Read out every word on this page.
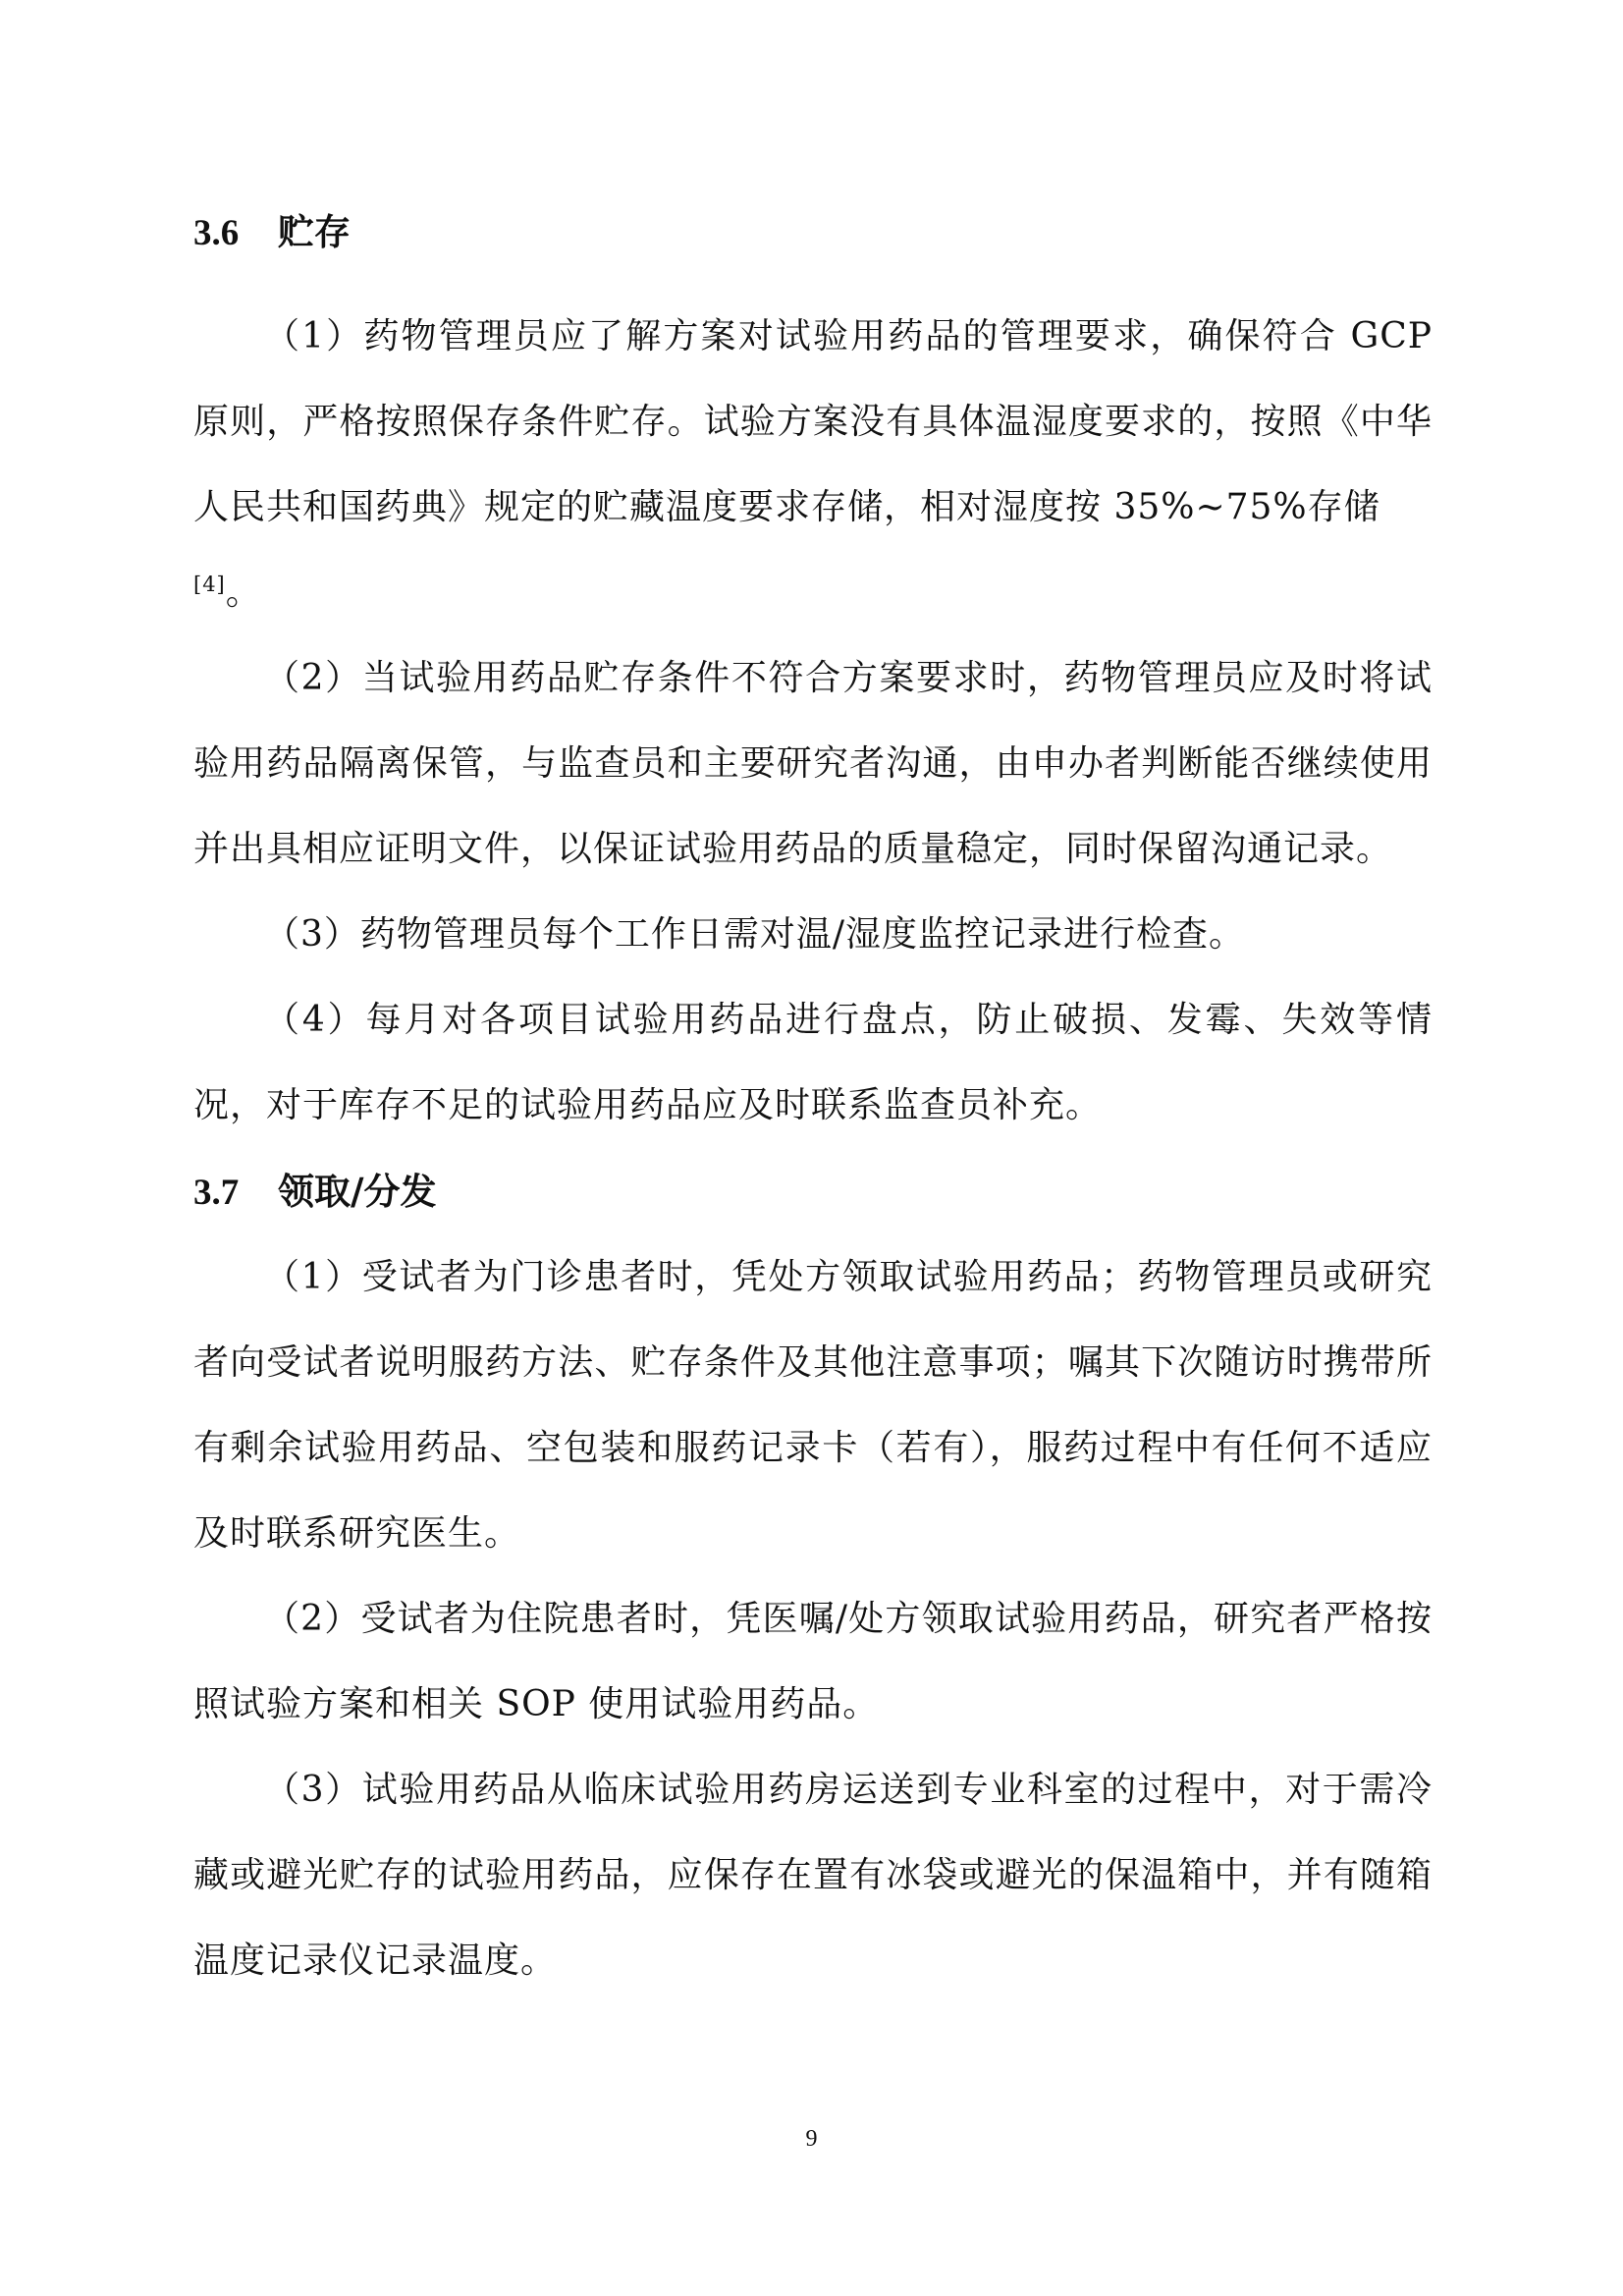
3.6 贮存

（1）药物管理员应了解方案对试验用药品的管理要求，确保符合 GCP 原则，严格按照保存条件贮存。试验方案没有具体温湿度要求的，按照《中华人民共和国药典》规定的贮藏温度要求存储，相对湿度按 35%~75%存储
[4]。

（2）当试验用药品贮存条件不符合方案要求时，药物管理员应及时将试验用药品隔离保管，与监查员和主要研究者沟通，由申办者判断能否继续使用并出具相应证明文件，以保证试验用药品的质量稳定，同时保留沟通记录。

（3）药物管理员每个工作日需对温/湿度监控记录进行检查。

（4）每月对各项目试验用药品进行盘点，防止破损、发霉、失效等情况，对于库存不足的试验用药品应及时联系监查员补充。

3.7 领取/分发

（1）受试者为门诊患者时，凭处方领取试验用药品；药物管理员或研究者向受试者说明服药方法、贮存条件及其他注意事项；嘱其下次随访时携带所有剩余试验用药品、空包装和服药记录卡（若有），服药过程中有任何不适应及时联系研究医生。

（2）受试者为住院患者时，凭医嘱/处方领取试验用药品，研究者严格按照试验方案和相关 SOP 使用试验用药品。

（3）试验用药品从临床试验用药房运送到专业科室的过程中，对于需冷藏或避光贮存的试验用药品，应保存在置有冰袋或避光的保温箱中，并有随箱温度记录仪记录温度。

9
